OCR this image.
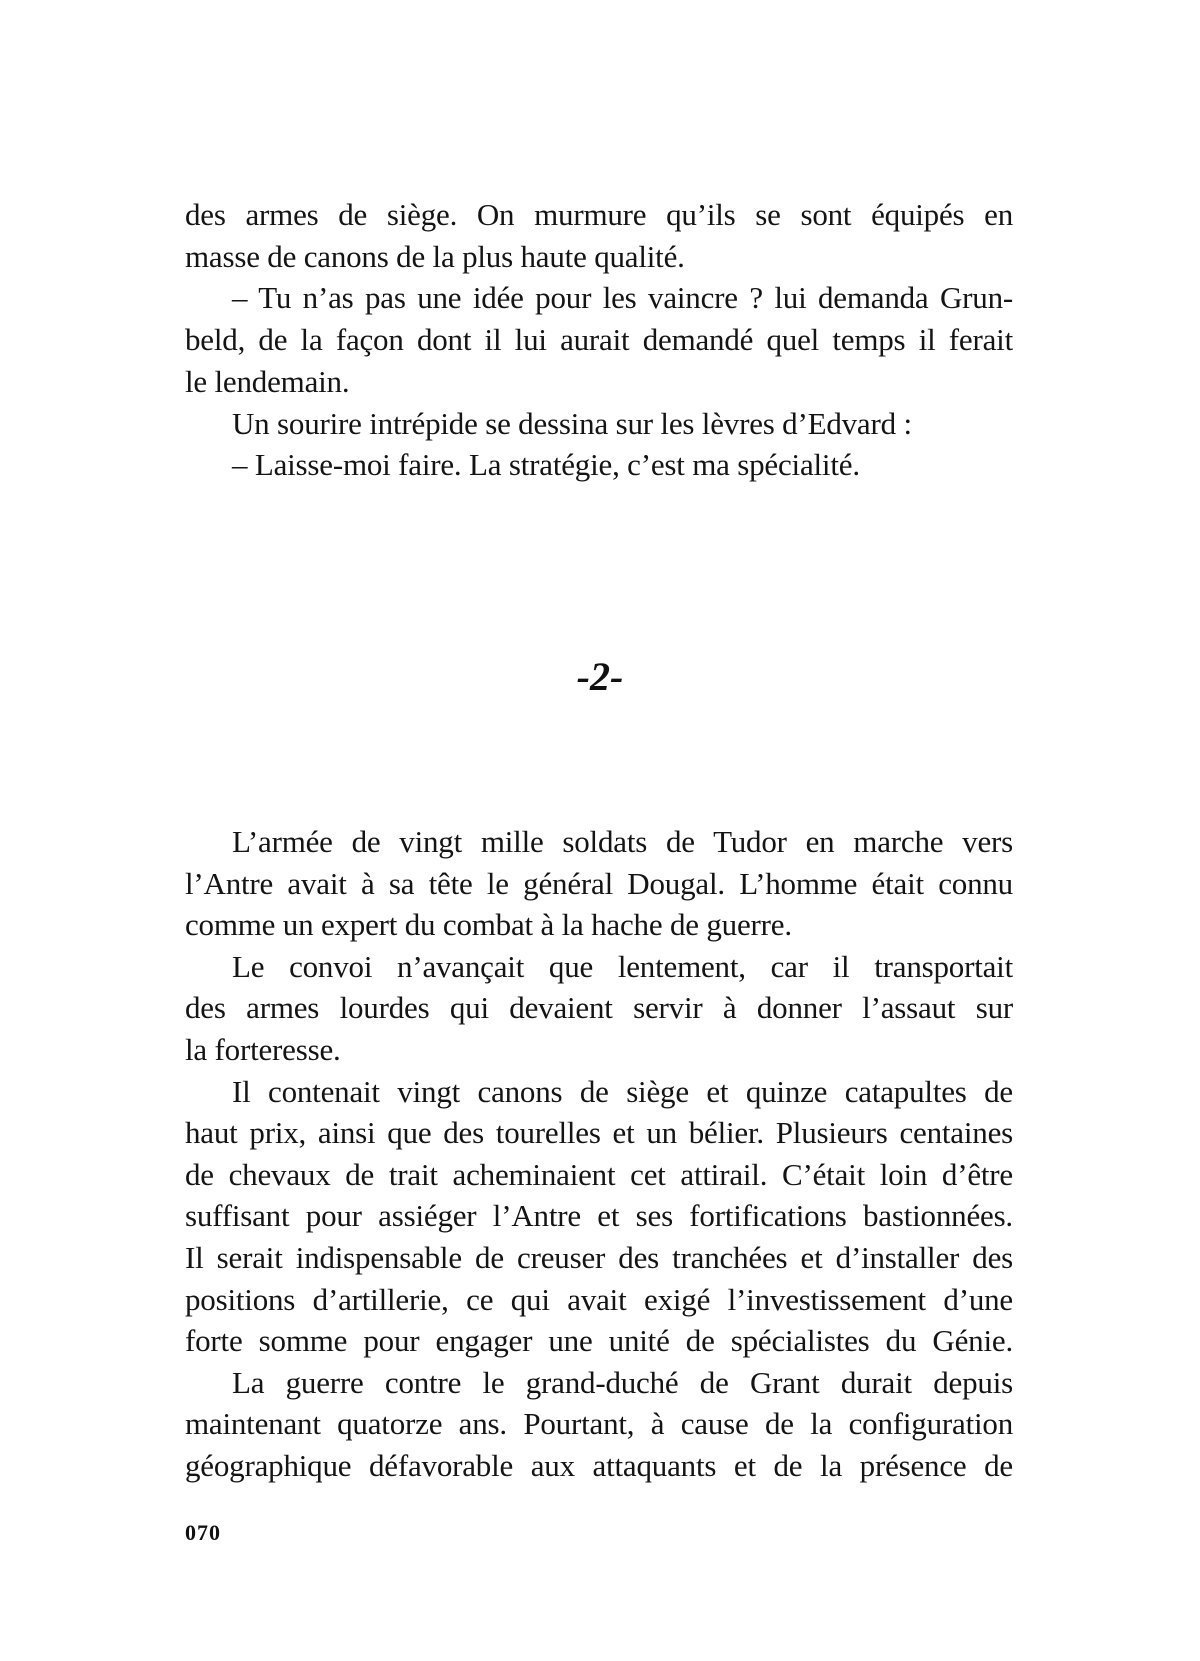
des armes de siège. On murmure qu’ils se sont équipés en
masse de canons de la plus haute qualité.
– Tu n’as pas une idée pour les vaincre ? lui demanda Grun-
beld, de la façon dont il lui aurait demandé quel temps il ferait
le lendemain.
Un sourire intrépide se dessina sur les lèvres d’Edvard :
– Laisse-moi faire. La stratégie, c’est ma spécialité.
-2-
L’armée de vingt mille soldats de Tudor en marche vers
l’Antre avait à sa tête le général Dougal. L’homme était connu
comme un expert du combat à la hache de guerre.
Le convoi n’avançait que lentement, car il transportait
des armes lourdes qui devaient servir à donner l’assaut sur
la forteresse.
Il contenait vingt canons de siège et quinze catapultes de
haut prix, ainsi que des tourelles et un bélier. Plusieurs centaines
de chevaux de trait acheminaient cet attirail. C’était loin d’être
suffisant pour assiéger l’Antre et ses fortifications bastionnées.
Il serait indispensable de creuser des tranchées et d’installer des
positions d’artillerie, ce qui avait exigé l’investissement d’une
forte somme pour engager une unité de spécialistes du Génie.
La guerre contre le grand-duché de Grant durait depuis
maintenant quatorze ans. Pourtant, à cause de la configuration
géographique défavorable aux attaquants et de la présence de
070
